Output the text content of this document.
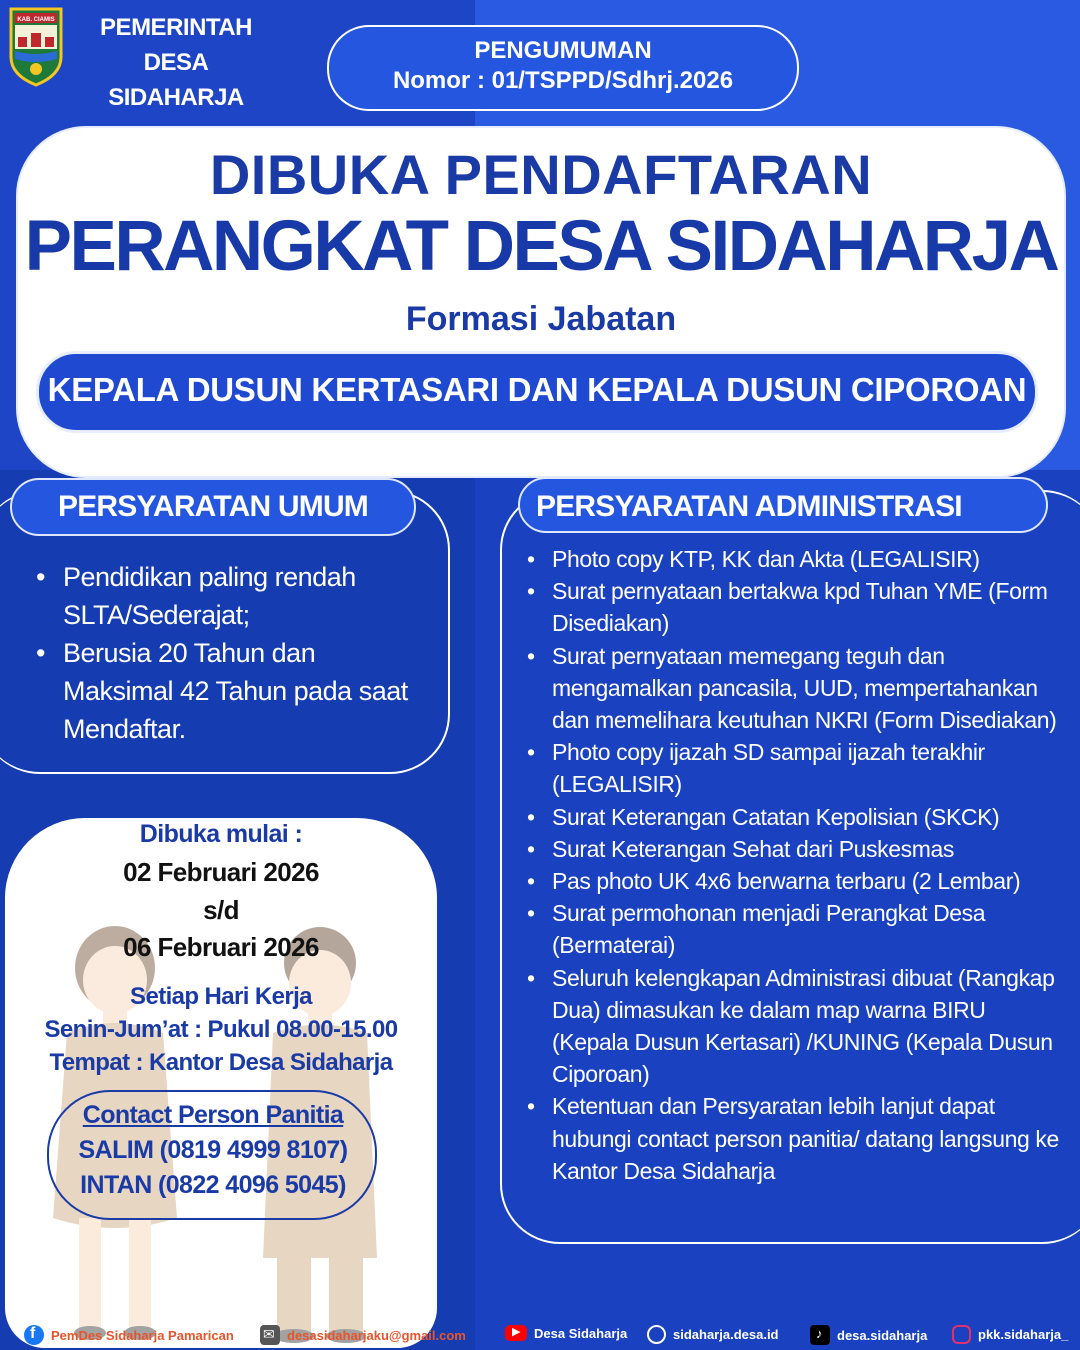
KAB. CIAMIS	PEMERINTAH
DESA SIDAHARJA
PENGUMUMAN
Nomor : 01/TSPPD/Sdhrj.2026
DIBUKA PENDAFTARAN
PERANGKAT DESA SIDAHARJA
Formasi Jabatan
KEPALA DUSUN KERTASARI DAN KEPALA DUSUN CIPOROAN
PERSYARATAN UMUM
• Pendidikan paling rendah SLTA/Sederajat;
• Berusia 20 Tahun dan Maksimal 42 Tahun pada saat Mendaftar.
PERSYARATAN ADMINISTRASI
• Photo copy KTP, KK dan Akta (LEGALISIR)
• Surat pernyataan bertakwa kpd Tuhan YME (Form Disediakan)
• Surat pernyataan memegang teguh dan mengamalkan pancasila, UUD, mempertahankan dan memelihara keutuhan NKRI (Form Disediakan)
• Photo copy ijazah SD sampai ijazah terakhir (LEGALISIR)
• Surat Keterangan Catatan Kepolisian (SKCK)
• Surat Keterangan Sehat dari Puskesmas
• Pas photo UK 4x6 berwarna terbaru (2 Lembar)
• Surat permohonan menjadi Perangkat Desa (Bermaterai)
• Seluruh kelengkapan Administrasi dibuat (Rangkap Dua) dimasukan ke dalam map warna BIRU (Kepala Dusun Kertasari) /KUNING (Kepala Dusun Ciporoan)
• Ketentuan dan Persyaratan lebih lanjut dapat hubungi contact person panitia/ datang langsung ke Kantor Desa Sidaharja
Dibuka mulai :
02 Februari 2026
s/d
06 Februari 2026
Setiap Hari Kerja
Senin-Jum’at : Pukul 08.00-15.00
Tempat : Kantor Desa Sidaharja
Contact Person Panitia
SALIM (0819 4999 8107)
INTAN (0822 4096 5045)
f PemDes Sidaharja Pamarican ✉ desasidaharjaku@gmail.com	▶ Desa Sidaharja	sidaharja.desa.id	♪ desa.sidaharja	pkk.sidaharja_
